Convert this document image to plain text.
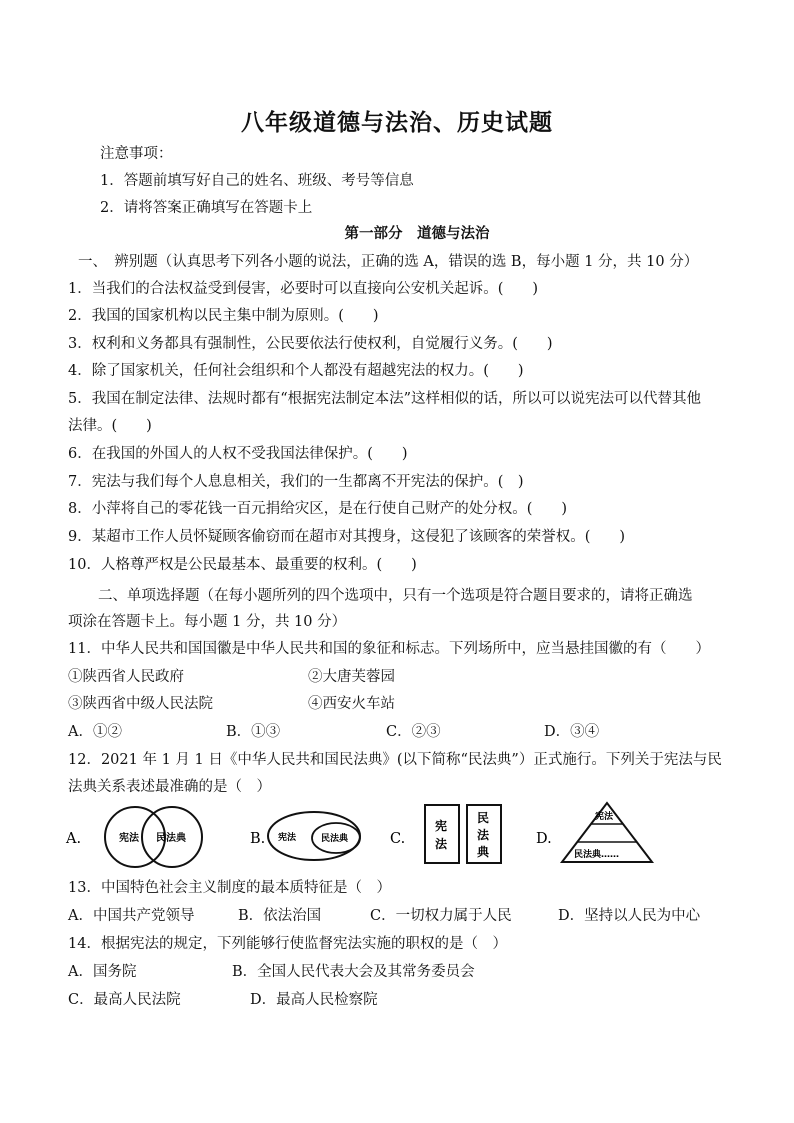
八年级道德与法治、历史试题
注意事项：
1．答题前填写好自己的姓名、班级、考号等信息
2．请将答案正确填写在答题卡上
第一部分　道德与法治
一、　辨别题（认真思考下列各小题的说法，正确的选 A，错误的选 B，每小题 1 分，共 10 分）
1．当我们的合法权益受到侵害，必要时可以直接向公安机关起诉。(　　)
2．我国的国家机构以民主集中制为原则。(　　)
3．权利和义务都具有强制性，公民要依法行使权利，自觉履行义务。(　　)
4．除了国家机关，任何社会组织和个人都没有超越宪法的权力。(　　)
5．我国在制定法律、法规时都有“根据宪法制定本法”这样相似的话，所以可以说宪法可以代替其他
法律。(　　)
6．在我国的外国人的人权不受我国法律保护。(　　)
7．宪法与我们每个人息息相关，我们的一生都离不开宪法的保护。(　)
8．小萍将自己的零花钱一百元捐给灾区，是在行使自己财产的处分权。(　　)
9．某超市工作人员怀疑顾客偷窃而在超市对其搜身，这侵犯了该顾客的荣誉权。(　　)
10．人格尊严权是公民最基本、最重要的权利。(　　)
二、单项选择题（在每小题所列的四个选项中，只有一个选项是符合题目要求的，请将正确选
项涂在答题卡上。每小题 1 分，共 10 分）
11．中华人民共和国国徽是中华人民共和国的象征和标志。下列场所中，应当悬挂国徽的有（　　）
①陕西省人民政府	②大唐芙蓉园
③陕西省中级人民法院	④西安火车站
A．①②	B．①③	C．②③	D．③④
12．2021 年 1 月 1 日《中华人民共和国民法典》(以下简称“民法典”）正式施行。下列关于宪法与民
法典关系表述最准确的是（　）
A.	宪法 民法典	B. 宪法	民法典	C.
宪
法
民
法
典
D.
宪法
民法典……
13．中国特色社会主义制度的最本质特征是（　）
A．中国共产党领导	B．依法治国	C．一切权力属于人民	D．坚持以人民为中心
14．根据宪法的规定，下列能够行使监督宪法实施的职权的是（　）
A．国务院	B．全国人民代表大会及其常务委员会
C．最高人民法院	D．最高人民检察院
